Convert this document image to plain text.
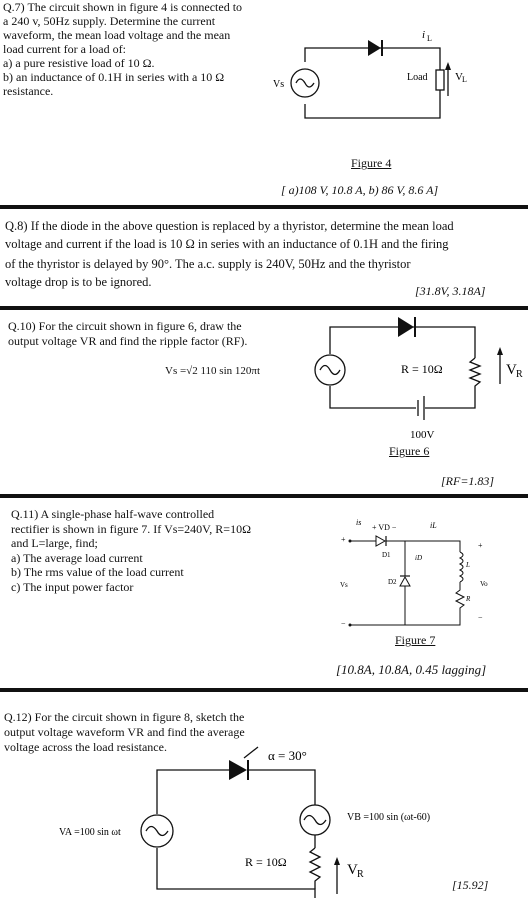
Q.7) The circuit shown in figure 4 is connected to
a 240 v, 50Hz supply. Determine the current
waveform, the mean load voltage and the mean
load current for a load of:
a) a pure resistive load of 10 Ω.
b) an inductance of 0.1H in series with a 10 Ω
resistance.	Vs
i L
Load V L
Figure 4
[ a)108 V, 10.8 A, b) 86 V, 8.6 A]
Q.8) If the diode in the above question is replaced by a thyristor, determine the mean load
voltage and current if the load is 10 Ω in series with an inductance of 0.1H and the firing
of the thyristor is delayed by 90°. The a.c. supply is 240V, 50Hz and the thyristor
voltage drop is to be ignored.
[31.8V, 3.18A]
Q.10) For the circuit shown in figure 6, draw the
output voltage VR and find the ripple factor (RF).
Vs =√2 110 sin 120πt	R = 10Ω	V R
100V
Figure 6
[RF=1.83]
Q.11) A single-phase half-wave controlled
rectifier is shown in figure 7. If Vs=240V, R=10Ω
and L=large, find;
a) The average load current
b) The rms value of the load current
c) The input power factor
is
+ VD −	iL
D1	iD
D2
Vs
L
R
Vo
+
−
+
−
Figure 7
[10.8A, 10.8A, 0.45 lagging]
Q.12) For the circuit shown in figure 8, sketch the
output voltage waveform VR and find the average
voltage across the load resistance.
α = 30°
VA =100 sin ωt
VB =100 sin (ωt-60)
R = 10Ω	V R
[15.92]
